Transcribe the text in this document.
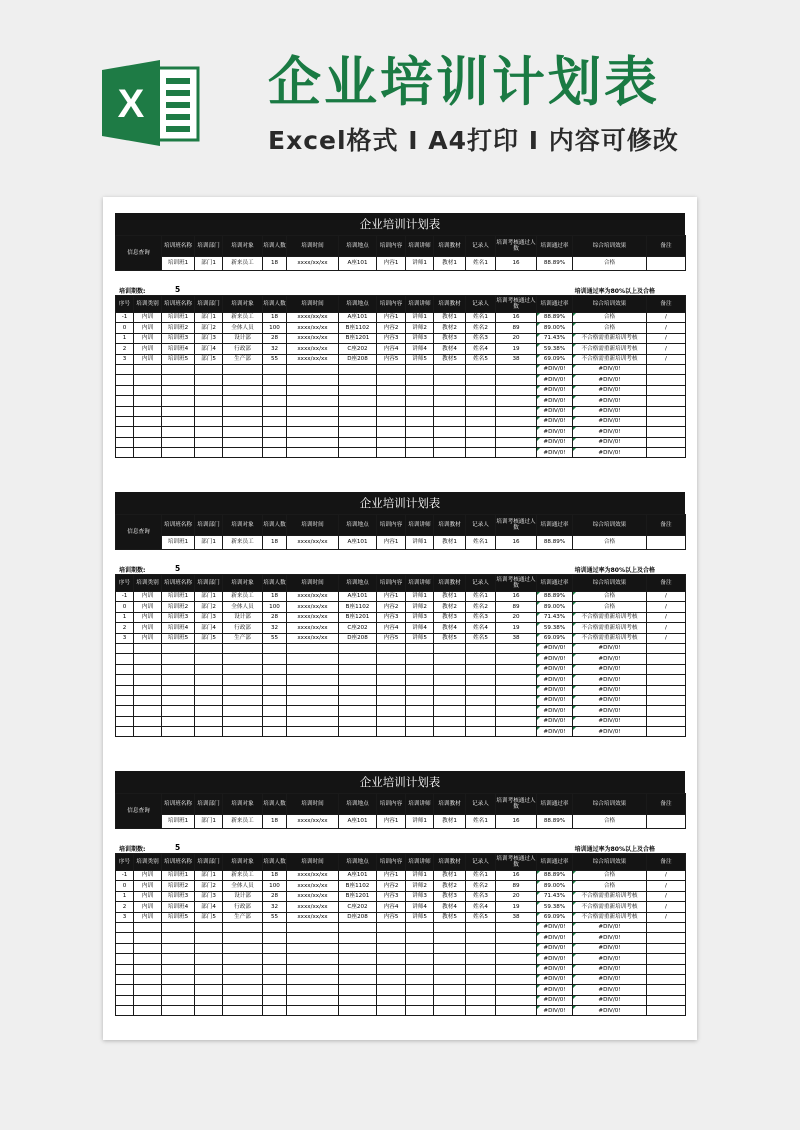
X 企业培训计划表
Excel格式 I A4打印 I 内容可修改
企业培训计划表
信息查询	培训班名称	培训部门	培训对象	培训人数	培训时间	培训地点	培训内容	培训讲师	培训教材	记录人	培训考核通过人数	培训通过率	综合培训效果	备注
	培训班1	部门1	新来员工	18	xxxx/xx/xx	A座101	内容1	讲师1	教材1	姓名1	16	88.89%	合格	
培训期数:	5	培训通过率为80%以上及合格
序号	培训类别	培训班名称	培训部门	培训对象	培训人数	培训时间	培训地点	培训内容	培训讲师	培训教材	记录人	培训考核通过人数	培训通过率	综合培训效果	备注
-1	内训	培训班1	部门1	新来员工	18	xxxx/xx/xx	A座101	内容1	讲师1	教材1	姓名1	16	88.89%	合格	/
0	内训	培训班2	部门2	全体人员	100	xxxx/xx/xx	B座1102	内容2	讲师2	教材2	姓名2	89	89.00%	合格	/
1	内训	培训班3	部门3	设计部	28	xxxx/xx/xx	B座1201	内容3	讲师3	教材3	姓名3	20	71.43%	不合格需重新培训考核	/
2	内训	培训班4	部门4	行政部	32	xxxx/xx/xx	C座202	内容4	讲师4	教材4	姓名4	19	59.38%	不合格需重新培训考核	/
3	内训	培训班5	部门5	生产部	55	xxxx/xx/xx	D座208	内容5	讲师5	教材5	姓名5	38	69.09%	不合格需重新培训考核	/
													#DIV/0!	#DIV/0!	
													#DIV/0!	#DIV/0!	
													#DIV/0!	#DIV/0!	
													#DIV/0!	#DIV/0!	
													#DIV/0!	#DIV/0!	
													#DIV/0!	#DIV/0!	
													#DIV/0!	#DIV/0!	
													#DIV/0!	#DIV/0!	
													#DIV/0!	#DIV/0!	
企业培训计划表
信息查询	培训班名称	培训部门	培训对象	培训人数	培训时间	培训地点	培训内容	培训讲师	培训教材	记录人	培训考核通过人数	培训通过率	综合培训效果	备注
	培训班1	部门1	新来员工	18	xxxx/xx/xx	A座101	内容1	讲师1	教材1	姓名1	16	88.89%	合格	
培训期数:	5	培训通过率为80%以上及合格
序号	培训类别	培训班名称	培训部门	培训对象	培训人数	培训时间	培训地点	培训内容	培训讲师	培训教材	记录人	培训考核通过人数	培训通过率	综合培训效果	备注
-1	内训	培训班1	部门1	新来员工	18	xxxx/xx/xx	A座101	内容1	讲师1	教材1	姓名1	16	88.89%	合格	/
0	内训	培训班2	部门2	全体人员	100	xxxx/xx/xx	B座1102	内容2	讲师2	教材2	姓名2	89	89.00%	合格	/
1	内训	培训班3	部门3	设计部	28	xxxx/xx/xx	B座1201	内容3	讲师3	教材3	姓名3	20	71.43%	不合格需重新培训考核	/
2	内训	培训班4	部门4	行政部	32	xxxx/xx/xx	C座202	内容4	讲师4	教材4	姓名4	19	59.38%	不合格需重新培训考核	/
3	内训	培训班5	部门5	生产部	55	xxxx/xx/xx	D座208	内容5	讲师5	教材5	姓名5	38	69.09%	不合格需重新培训考核	/
													#DIV/0!	#DIV/0!	
													#DIV/0!	#DIV/0!	
													#DIV/0!	#DIV/0!	
													#DIV/0!	#DIV/0!	
													#DIV/0!	#DIV/0!	
													#DIV/0!	#DIV/0!	
													#DIV/0!	#DIV/0!	
													#DIV/0!	#DIV/0!	
													#DIV/0!	#DIV/0!	
企业培训计划表
信息查询	培训班名称	培训部门	培训对象	培训人数	培训时间	培训地点	培训内容	培训讲师	培训教材	记录人	培训考核通过人数	培训通过率	综合培训效果	备注
	培训班1	部门1	新来员工	18	xxxx/xx/xx	A座101	内容1	讲师1	教材1	姓名1	16	88.89%	合格	
培训期数:	5	培训通过率为80%以上及合格
序号	培训类别	培训班名称	培训部门	培训对象	培训人数	培训时间	培训地点	培训内容	培训讲师	培训教材	记录人	培训考核通过人数	培训通过率	综合培训效果	备注
-1	内训	培训班1	部门1	新来员工	18	xxxx/xx/xx	A座101	内容1	讲师1	教材1	姓名1	16	88.89%	合格	/
0	内训	培训班2	部门2	全体人员	100	xxxx/xx/xx	B座1102	内容2	讲师2	教材2	姓名2	89	89.00%	合格	/
1	内训	培训班3	部门3	设计部	28	xxxx/xx/xx	B座1201	内容3	讲师3	教材3	姓名3	20	71.43%	不合格需重新培训考核	/
2	内训	培训班4	部门4	行政部	32	xxxx/xx/xx	C座202	内容4	讲师4	教材4	姓名4	19	59.38%	不合格需重新培训考核	/
3	内训	培训班5	部门5	生产部	55	xxxx/xx/xx	D座208	内容5	讲师5	教材5	姓名5	38	69.09%	不合格需重新培训考核	/
													#DIV/0!	#DIV/0!	
													#DIV/0!	#DIV/0!	
													#DIV/0!	#DIV/0!	
													#DIV/0!	#DIV/0!	
													#DIV/0!	#DIV/0!	
													#DIV/0!	#DIV/0!	
													#DIV/0!	#DIV/0!	
													#DIV/0!	#DIV/0!	
													#DIV/0!	#DIV/0!	
